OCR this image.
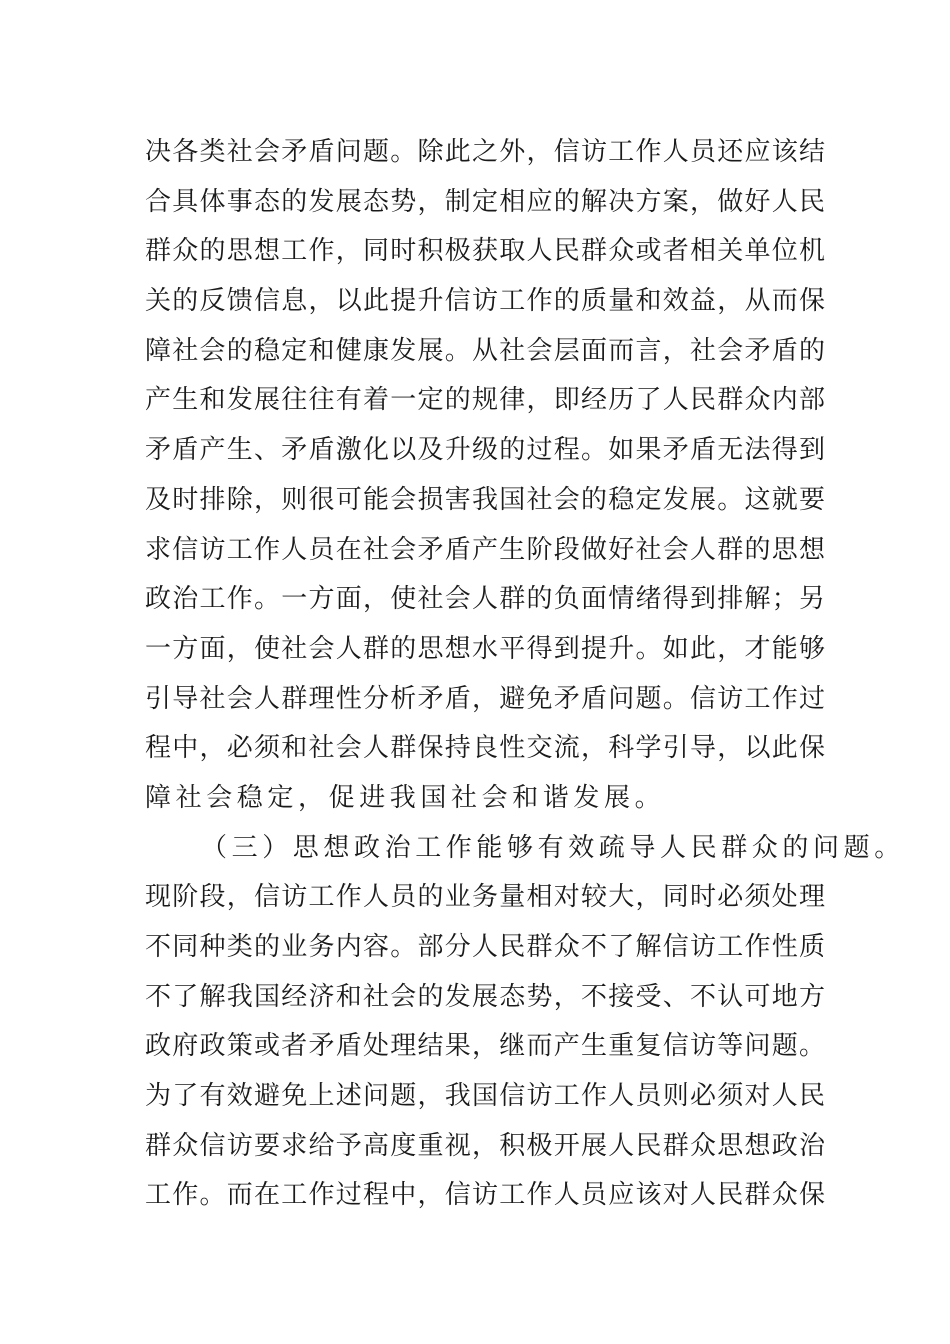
决各类社会矛盾问题。除此之外，信访工作人员还应该结
合具体事态的发展态势，制定相应的解决方案，做好人民
群众的思想工作，同时积极获取人民群众或者相关单位机
关的反馈信息，以此提升信访工作的质量和效益，从而保
障社会的稳定和健康发展。从社会层面而言，社会矛盾的
产生和发展往往有着一定的规律，即经历了人民群众内部
矛盾产生、矛盾激化以及升级的过程。如果矛盾无法得到
及时排除，则很可能会损害我国社会的稳定发展。这就要
求信访工作人员在社会矛盾产生阶段做好社会人群的思想
政治工作。一方面，使社会人群的负面情绪得到排解；另
一方面，使社会人群的思想水平得到提升。如此，才能够
引导社会人群理性分析矛盾，避免矛盾问题。信访工作过
程中，必须和社会人群保持良性交流，科学引导，以此保
障社会稳定，促进我国社会和谐发展。
（三）思想政治工作能够有效疏导人民群众的问题。
现阶段，信访工作人员的业务量相对较大，同时必须处理
不同种类的业务内容。部分人民群众不了解信访工作性质
不了解我国经济和社会的发展态势，不接受、不认可地方
政府政策或者矛盾处理结果，继而产生重复信访等问题。
为了有效避免上述问题，我国信访工作人员则必须对人民
群众信访要求给予高度重视，积极开展人民群众思想政治
工作。而在工作过程中，信访工作人员应该对人民群众保
